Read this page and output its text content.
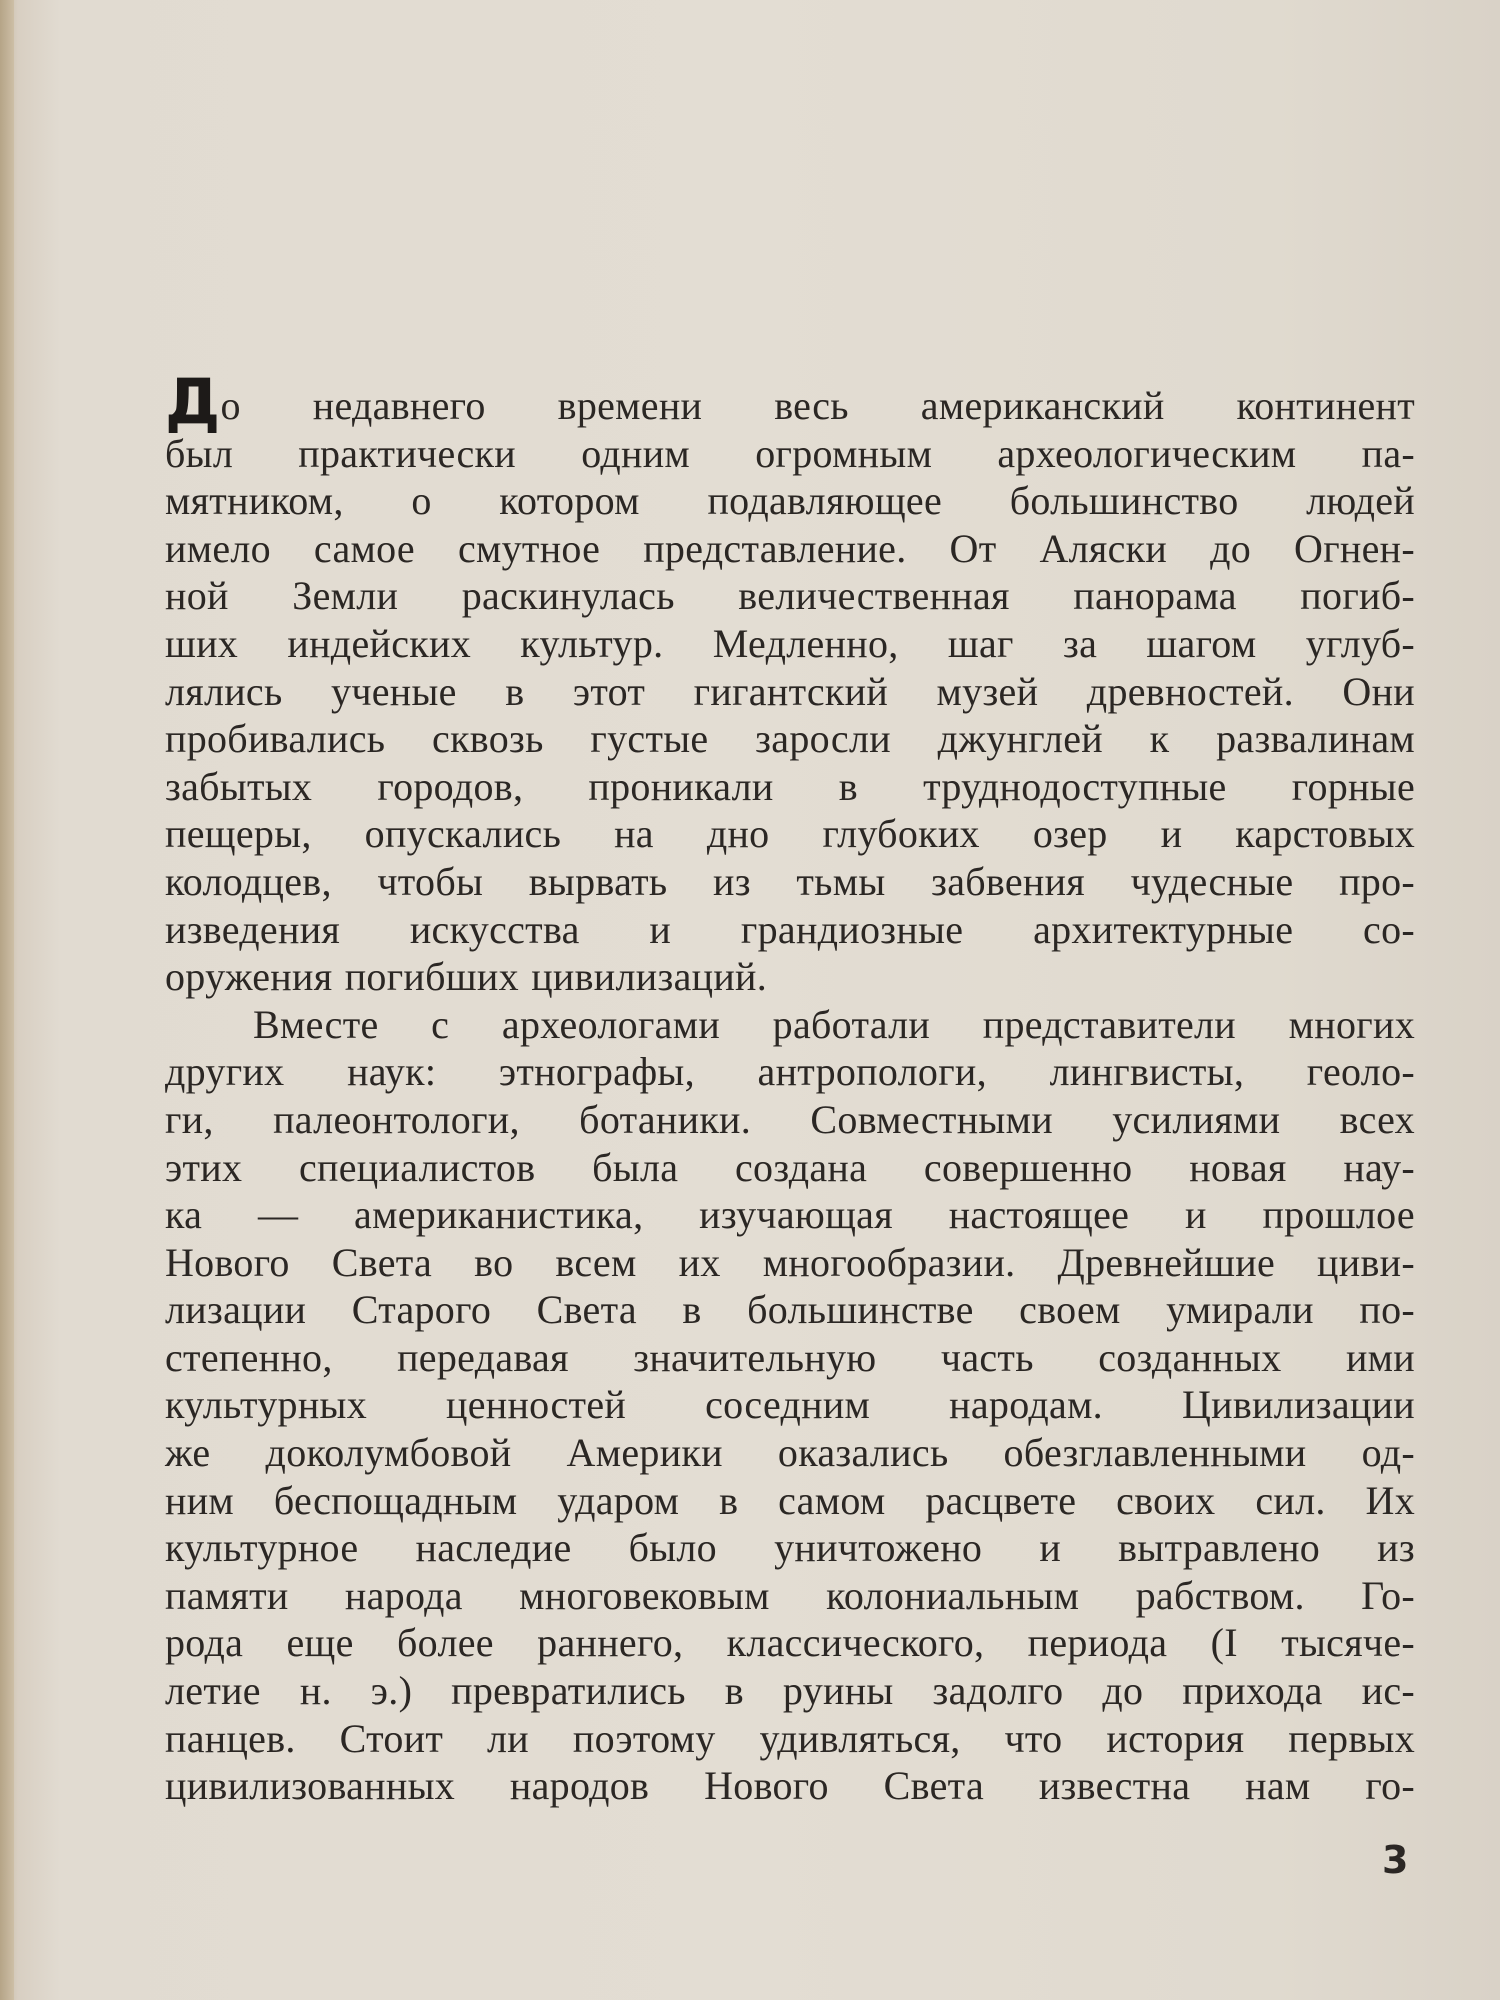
До недавнего времени весь американский континент
был практически одним огромным археологическим па-
мятником, о котором подавляющее большинство людей
имело самое смутное представление. От Аляски до Огнен-
ной Земли раскинулась величественная панорама погиб-
ших индейских культур. Медленно, шаг за шагом углуб-
лялись ученые в этот гигантский музей древностей. Они
пробивались сквозь густые заросли джунглей к развалинам
забытых городов, проникали в труднодоступные горные
пещеры, опускались на дно глубоких озер и карстовых
колодцев, чтобы вырвать из тьмы забвения чудесные про-
изведения искусства и грандиозные архитектурные со-
оружения погибших цивилизаций.
Вместе с археологами работали представители многих
других наук: этнографы, антропологи, лингвисты, геоло-
ги, палеонтологи, ботаники. Совместными усилиями всех
этих специалистов была создана совершенно новая нау-
ка — американистика, изучающая настоящее и прошлое
Нового Света во всем их многообразии. Древнейшие циви-
лизации Старого Света в большинстве своем умирали по-
степенно, передавая значительную часть созданных ими
культурных ценностей соседним народам. Цивилизации
же доколумбовой Америки оказались обезглавленными од-
ним беспощадным ударом в самом расцвете своих сил. Их
культурное наследие было уничтожено и вытравлено из
памяти народа многовековым колониальным рабством. Го-
рода еще более раннего, классического, периода (I тысяче-
летие н. э.) превратились в руины задолго до прихода ис-
панцев. Стоит ли поэтому удивляться, что история первых
цивилизованных народов Нового Света известна нам го-
3
